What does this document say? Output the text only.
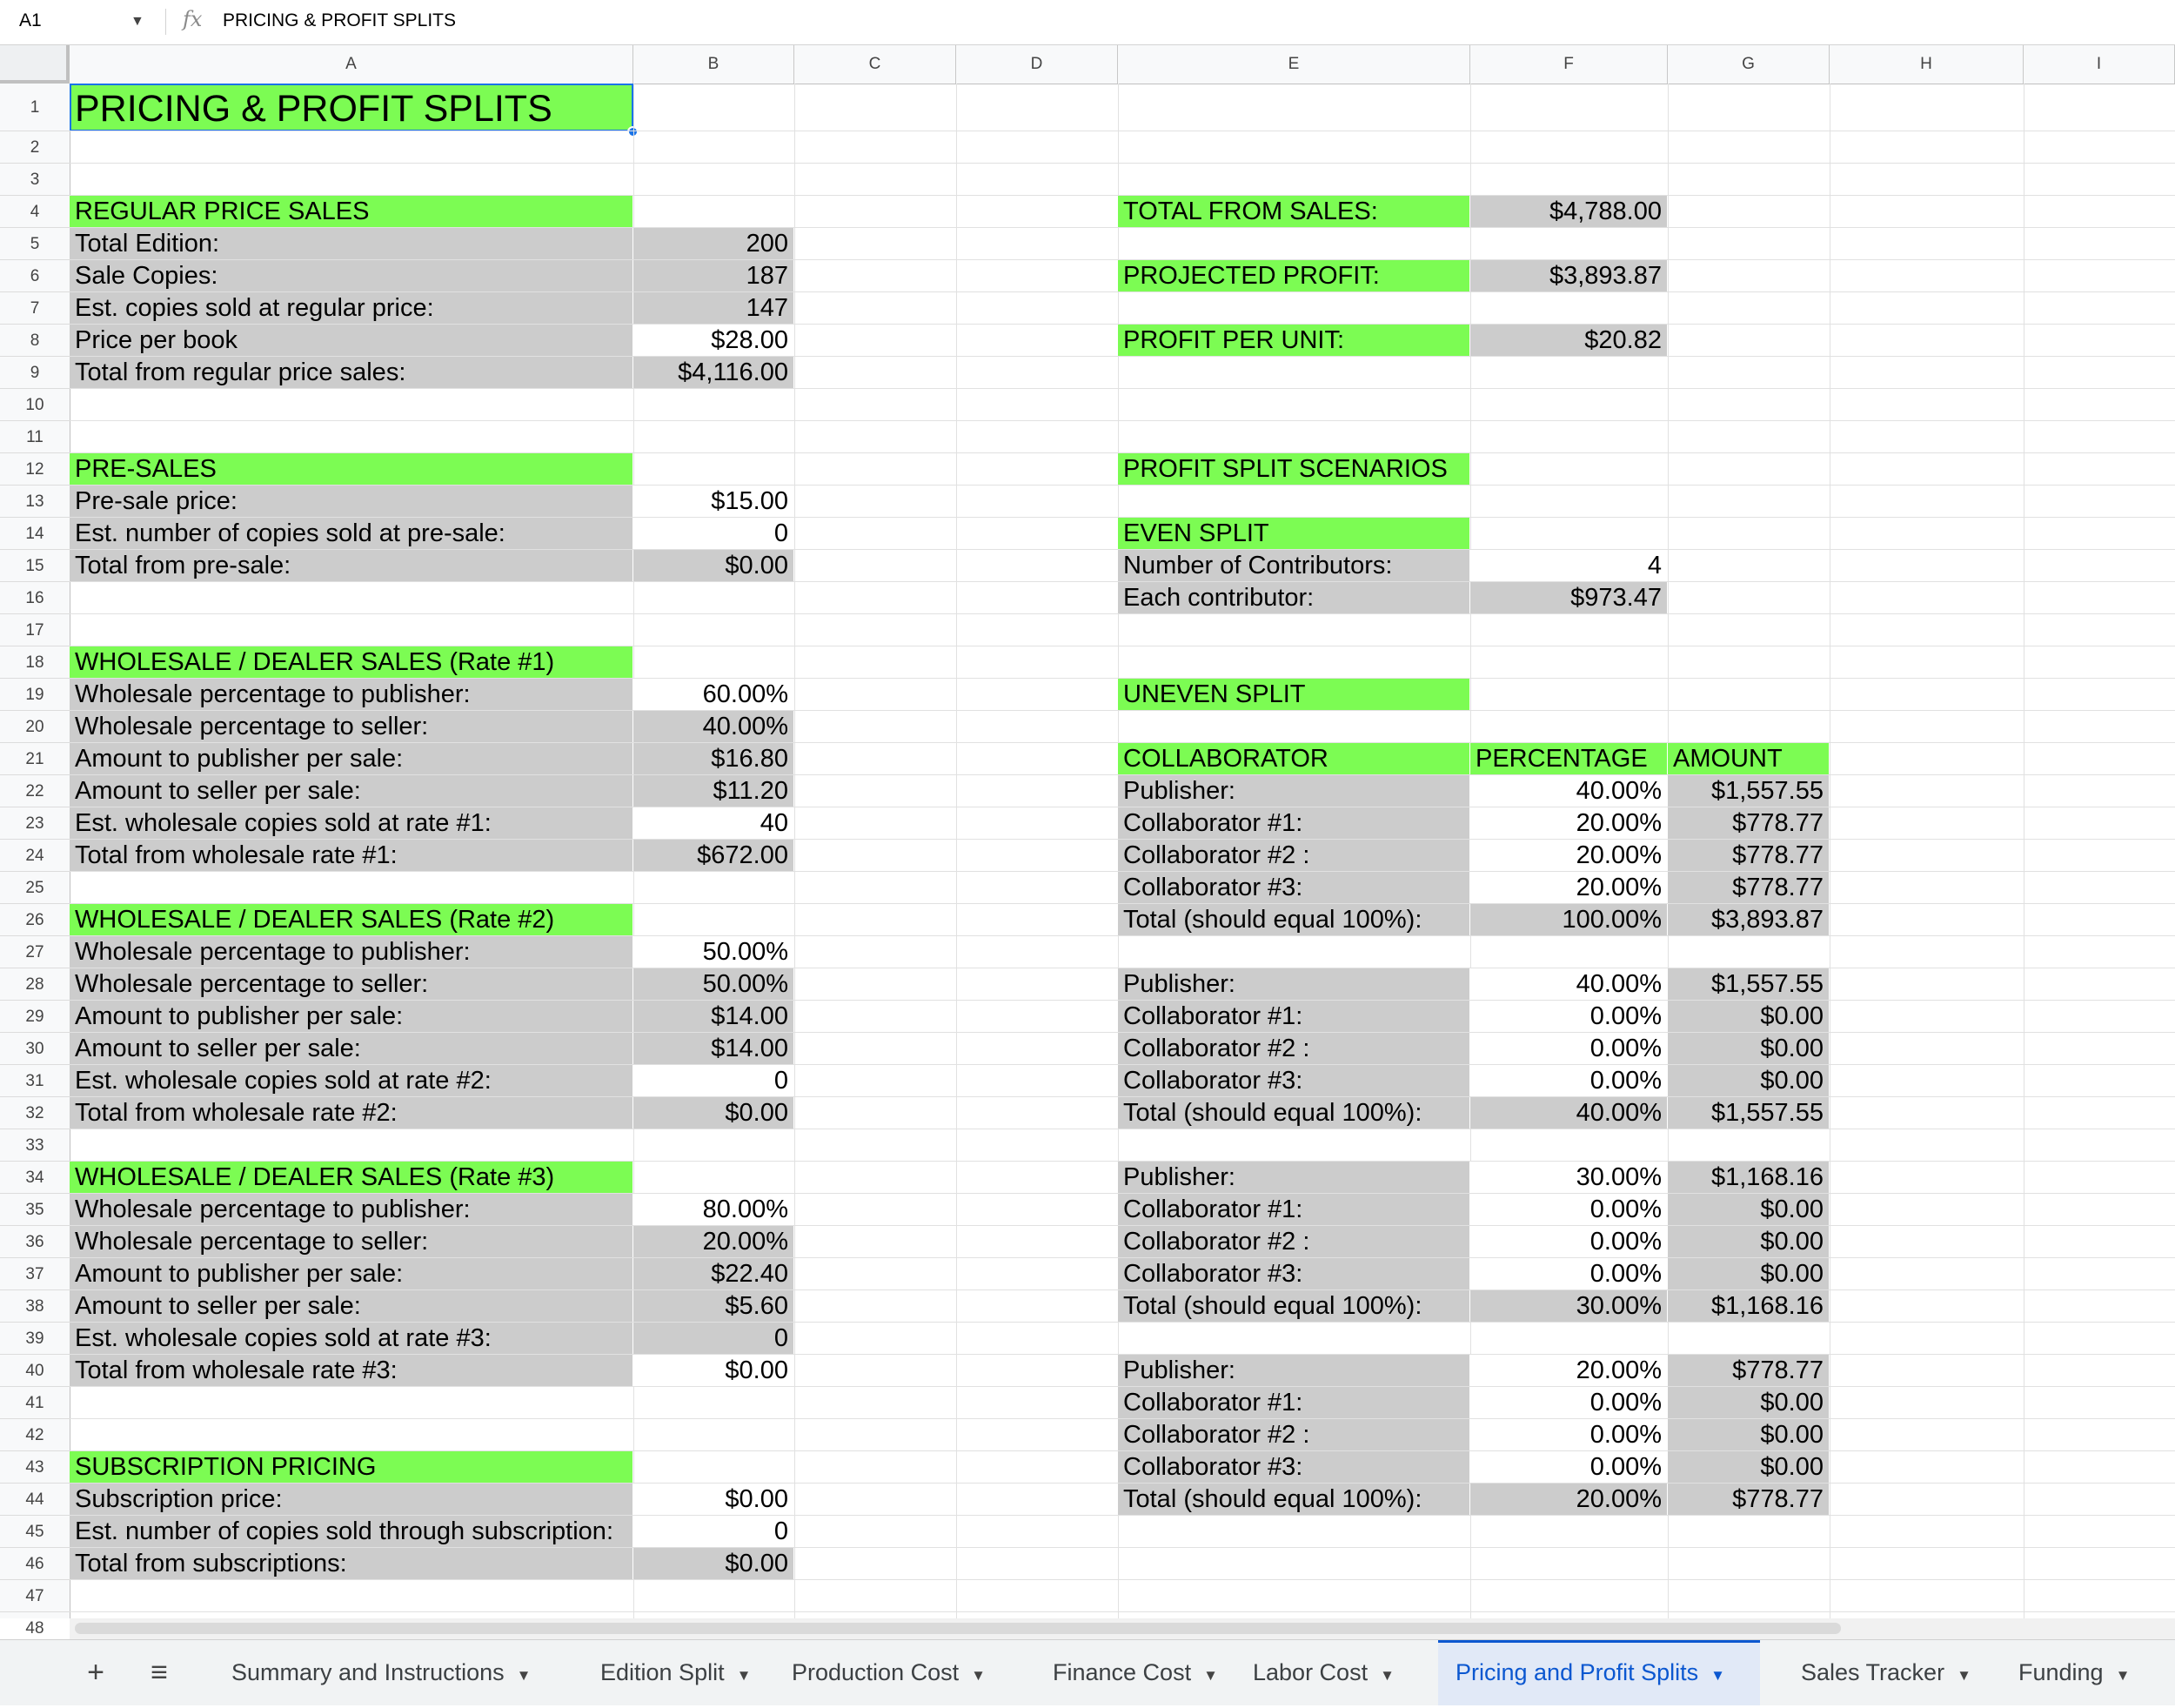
A1	▼ fx PRICING & PROFIT SPLITS
A	B	C	D	E	F	G	H	I
1
2
3
4
5
6
7
8
9
10
11
12
13
14
15
16
17
18
19
20
21
22
23
24
25
26
27
28
29
30
31
32
33
34
35
36
37
38
39
40
41
42
43
44
45
46
47
48
PRICING & PROFIT SPLITS
REGULAR PRICE SALES
Total Edition:	200
Sale Copies:	187
Est. copies sold at regular price:	147
Price per book	$28.00
Total from regular price sales:	$4,116.00
PRE-SALES
Pre-sale price:	$15.00
Est. number of copies sold at pre-sale:	0
Total from pre-sale:	$0.00
WHOLESALE / DEALER SALES (Rate #1)
Wholesale percentage to publisher:	60.00%
Wholesale percentage to seller:	40.00%
Amount to publisher per sale:	$16.80
Amount to seller per sale:	$11.20
Est. wholesale copies sold at rate #1:	40
Total from wholesale rate #1:	$672.00
WHOLESALE / DEALER SALES (Rate #2)
Wholesale percentage to publisher:	50.00%
Wholesale percentage to seller:	50.00%
Amount to publisher per sale:	$14.00
Amount to seller per sale:	$14.00
Est. wholesale copies sold at rate #2:	0
Total from wholesale rate #2:	$0.00
WHOLESALE / DEALER SALES (Rate #3)
Wholesale percentage to publisher:	80.00%
Wholesale percentage to seller:	20.00%
Amount to publisher per sale:	$22.40
Amount to seller per sale:	$5.60
Est. wholesale copies sold at rate #3:	0
Total from wholesale rate #3:	$0.00
SUBSCRIPTION PRICING
Subscription price:	$0.00
Est. number of copies sold through subscription:	0
Total from subscriptions:	$0.00
TOTAL FROM SALES:	$4,788.00
PROJECTED PROFIT:	$3,893.87
PROFIT PER UNIT:	$20.82
PROFIT SPLIT SCENARIOS
EVEN SPLIT
Number of Contributors:	4
Each contributor:	$973.47
UNEVEN SPLIT
COLLABORATOR	PERCENTAGE	AMOUNT
Publisher:	40.00%	$1,557.55
Collaborator #1:	20.00%	$778.77
Collaborator #2 :	20.00%	$778.77
Collaborator #3:	20.00%	$778.77
Total (should equal 100%):	100.00%	$3,893.87
Publisher:	40.00%	$1,557.55
Collaborator #1:	0.00%	$0.00
Collaborator #2 :	0.00%	$0.00
Collaborator #3:	0.00%	$0.00
Total (should equal 100%):	40.00%	$1,557.55
Publisher:	30.00%	$1,168.16
Collaborator #1:	0.00%	$0.00
Collaborator #2 :	0.00%	$0.00
Collaborator #3:	0.00%	$0.00
Total (should equal 100%):	30.00%	$1,168.16
Publisher:	20.00%	$778.77
Collaborator #1:	0.00%	$0.00
Collaborator #2 :	0.00%	$0.00
Collaborator #3:	0.00%	$0.00
Total (should equal 100%):	20.00%	$778.77
+	≡	Summary and Instructions ▼	Edition Split ▼	Production Cost ▼	Finance Cost ▼	Labor Cost ▼	Pricing and Profit Splits ▼	Sales Tracker ▼	Funding ▼
